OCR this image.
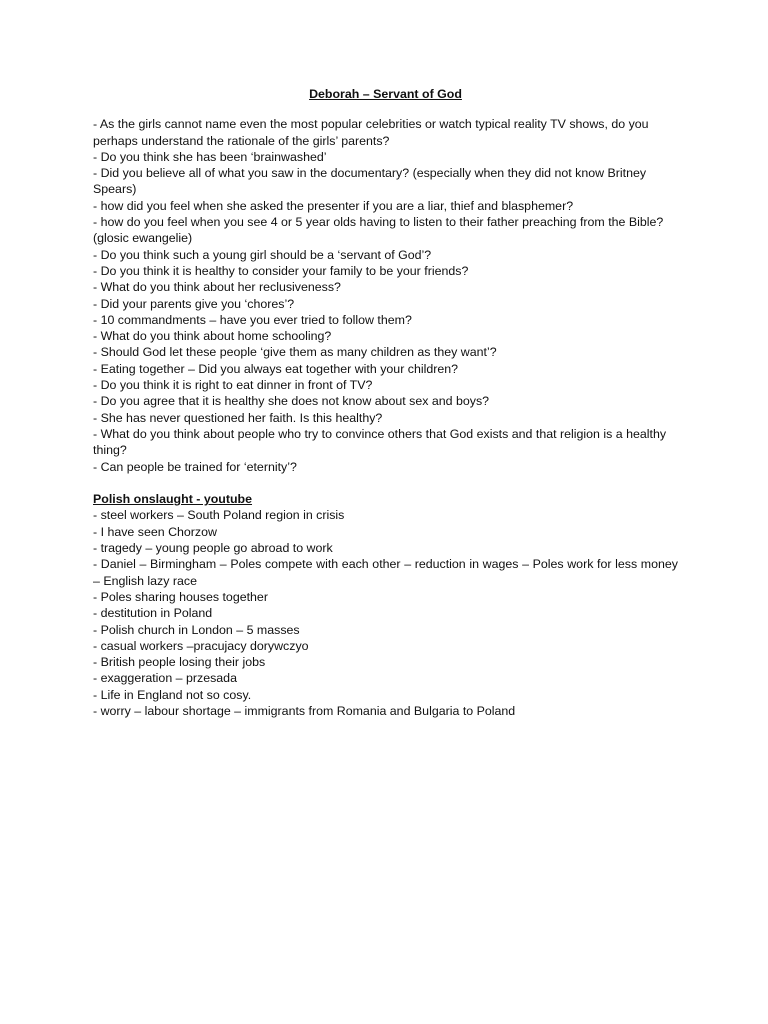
Deborah – Servant of God

- As the girls cannot name even the most popular celebrities or watch typical reality TV shows, do you perhaps understand the rationale of the girls’ parents?

- Do you think she has been ‘brainwashed’

- Did you believe all of what you saw in the documentary? (especially when they did not know Britney Spears)

- how did you feel when she asked the presenter if you are a liar, thief and blasphemer?

- how do you feel when you see 4 or 5 year olds having to listen to their father preaching from the Bible? (glosic ewangelie)

- Do you think such a young girl should be a ‘servant of God’?

- Do you think it is healthy to consider your family to be your friends?

- What do you think about her reclusiveness?

- Did your parents give you ‘chores’?

- 10 commandments – have you ever tried to follow them?

- What do you think about home schooling?

- Should God let these people ‘give them as many children as they want’?

- Eating together – Did you always eat together with your children?

- Do you think it is right to eat dinner in front of TV?

- Do you agree that it is healthy she does not know about sex and boys?

- She has never questioned her faith. Is this healthy?

- What do you think about people who try to convince others that God exists and that religion is a healthy thing?

- Can people be trained for ‘eternity’?

Polish onslaught - youtube

- steel workers – South Poland region in crisis

- I have seen Chorzow

- tragedy – young people go abroad to work

- Daniel – Birmingham – Poles compete with each other – reduction in wages – Poles work for less money – English lazy race

- Poles sharing houses together

- destitution in Poland

- Polish church in London – 5 masses

- casual workers –pracujacy dorywczyo

- British people losing their jobs

- exaggeration – przesada

- Life in England not so cosy.

- worry – labour shortage – immigrants from Romania and Bulgaria to Poland
